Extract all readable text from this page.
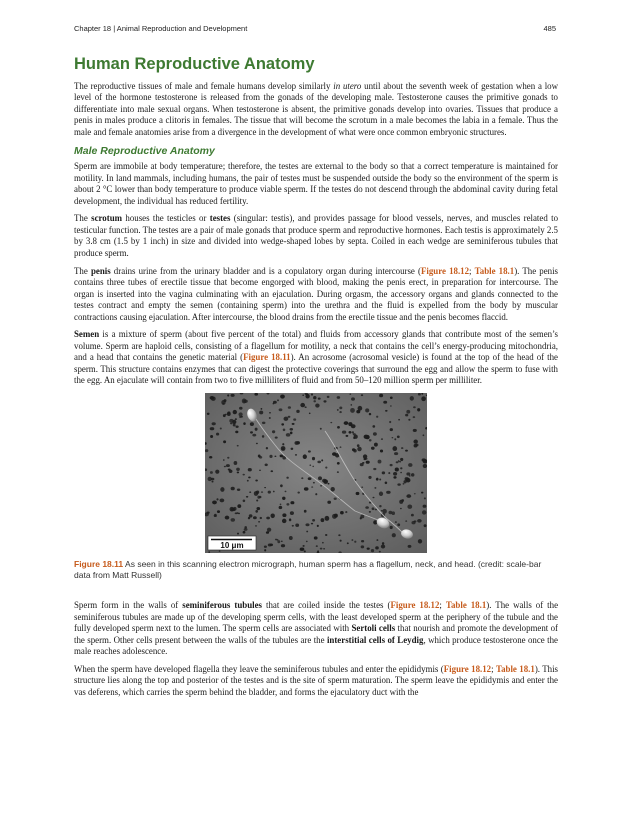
Chapter 18 | Animal Reproduction and Development	485
Human Reproductive Anatomy

The reproductive tissues of male and female humans develop similarly in utero until about the seventh week of gestation when a low level of the hormone testosterone is released from the gonads of the developing male. Testosterone causes the primitive gonads to differentiate into male sexual organs. When testosterone is absent, the primitive gonads develop into ovaries. Tissues that produce a penis in males produce a clitoris in females. The tissue that will become the scrotum in a male becomes the labia in a female. Thus the male and female anatomies arise from a divergence in the development of what were once common embryonic structures.

Male Reproductive Anatomy

Sperm are immobile at body temperature; therefore, the testes are external to the body so that a correct temperature is maintained for motility. In land mammals, including humans, the pair of testes must be suspended outside the body so the environment of the sperm is about 2 °C lower than body temperature to produce viable sperm. If the testes do not descend through the abdominal cavity during fetal development, the individual has reduced fertility.

The scrotum houses the testicles or testes (singular: testis), and provides passage for blood vessels, nerves, and muscles related to testicular function. The testes are a pair of male gonads that produce sperm and reproductive hormones. Each testis is approximately 2.5 by 3.8 cm (1.5 by 1 inch) in size and divided into wedge-shaped lobes by septa. Coiled in each wedge are seminiferous tubules that produce sperm.

The penis drains urine from the urinary bladder and is a copulatory organ during intercourse (Figure 18.12; Table 18.1). The penis contains three tubes of erectile tissue that become engorged with blood, making the penis erect, in preparation for intercourse. The organ is inserted into the vagina culminating with an ejaculation. During orgasm, the accessory organs and glands connected to the testes contract and empty the semen (containing sperm) into the urethra and the fluid is expelled from the body by muscular contractions causing ejaculation. After intercourse, the blood drains from the erectile tissue and the penis becomes flaccid.

Semen is a mixture of sperm (about five percent of the total) and fluids from accessory glands that contribute most of the semen’s volume. Sperm are haploid cells, consisting of a flagellum for motility, a neck that contains the cell’s energy-producing mitochondria, and a head that contains the genetic material (Figure 18.11). An acrosome (acrosomal vesicle) is found at the top of the head of the sperm. This structure contains enzymes that can digest the protective coverings that surround the egg and allow the sperm to fuse with the egg. An ejaculate will contain from two to five milliliters of fluid and from 50–120 million sperm per milliliter.

10 μm
Figure 18.11 As seen in this scanning electron micrograph, human sperm has a flagellum, neck, and head. (credit: scale-bar data from Matt Russell)

Sperm form in the walls of seminiferous tubules that are coiled inside the testes (Figure 18.12; Table 18.1). The walls of the seminiferous tubules are made up of the developing sperm cells, with the least developed sperm at the periphery of the tubule and the fully developed sperm next to the lumen. The sperm cells are associated with Sertoli cells that nourish and promote the development of the sperm. Other cells present between the walls of the tubules are the interstitial cells of Leydig, which produce testosterone once the male reaches adolescence.

When the sperm have developed flagella they leave the seminiferous tubules and enter the epididymis (Figure 18.12; Table 18.1). This structure lies along the top and posterior of the testes and is the site of sperm maturation. The sperm leave the epididymis and enter the vas deferens, which carries the sperm behind the bladder, and forms the ejaculatory duct with the
